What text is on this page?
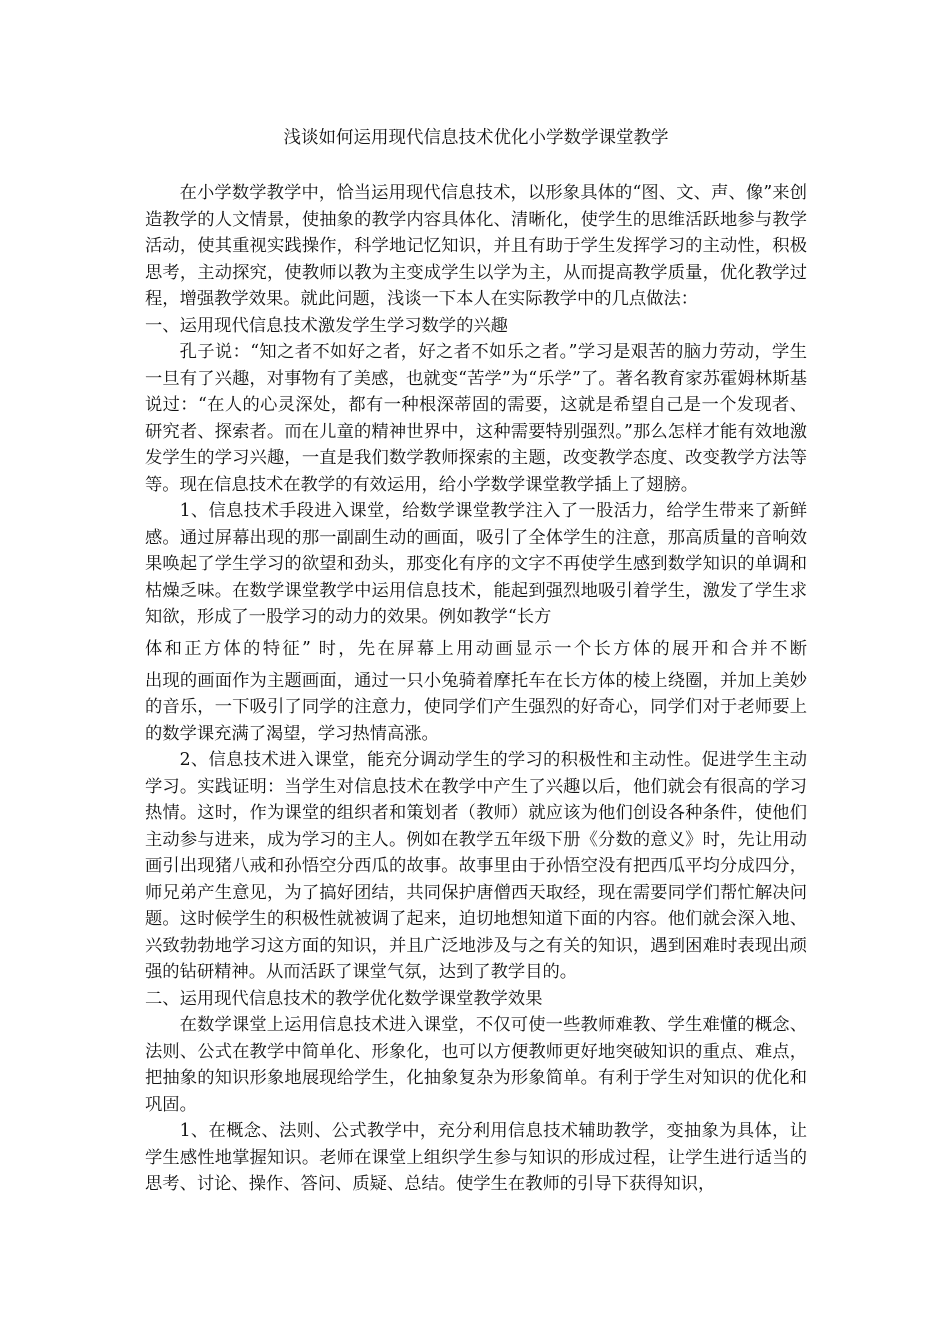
浅谈如何运用现代信息技术优化小学数学课堂教学

在小学数学教学中，恰当运用现代信息技术，以形象具体的“图、文、声、像”来创造教学的人文情景，使抽象的教学内容具体化、清晰化，使学生的思维活跃地参与教学活动，使其重视实践操作，科学地记忆知识，并且有助于学生发挥学习的主动性，积极思考，主动探究，使教师以教为主变成学生以学为主，从而提高教学质量，优化教学过程，增强教学效果。就此问题，浅谈一下本人在实际教学中的几点做法：

一、运用现代信息技术激发学生学习数学的兴趣

孔子说：“知之者不如好之者，好之者不如乐之者。”学习是艰苦的脑力劳动，学生一旦有了兴趣，对事物有了美感，也就变“苦学”为“乐学”了。著名教育家苏霍姆林斯基说过：“在人的心灵深处，都有一种根深蒂固的需要，这就是希望自己是一个发现者、研究者、探索者。而在儿童的精神世界中，这种需要特别强烈。”那么怎样才能有效地激发学生的学习兴趣，一直是我们数学教师探索的主题，改变教学态度、改变教学方法等等。现在信息技术在教学的有效运用，给小学数学课堂教学插上了翅膀。

1、信息技术手段进入课堂，给数学课堂教学注入了一股活力，给学生带来了新鲜感。通过屏幕出现的那一副副生动的画面，吸引了全体学生的注意，那高质量的音响效果唤起了学生学习的欲望和劲头，那变化有序的文字不再使学生感到数学知识的单调和枯燥乏味。在数学课堂教学中运用信息技术，能起到强烈地吸引着学生，激发了学生求知欲，形成了一股学习的动力的效果。例如教学“长方

体和正方体的特征” 时，先在屏幕上用动画显示一个长方体的展开和合并不断

出现的画面作为主题画面，通过一只小兔骑着摩托车在长方体的棱上绕圈，并加上美妙的音乐，一下吸引了同学的注意力，使同学们产生强烈的好奇心，同学们对于老师要上的数学课充满了渴望，学习热情高涨。

2、信息技术进入课堂，能充分调动学生的学习的积极性和主动性。促进学生主动学习。实践证明：当学生对信息技术在教学中产生了兴趣以后，他们就会有很高的学习热情。这时，作为课堂的组织者和策划者（教师）就应该为他们创设各种条件，使他们主动参与进来，成为学习的主人。例如在教学五年级下册《分数的意义》时，先让用动画引出现猪八戒和孙悟空分西瓜的故事。故事里由于孙悟空没有把西瓜平均分成四分，师兄弟产生意见，为了搞好团结，共同保护唐僧西天取经，现在需要同学们帮忙解决问题。这时候学生的积极性就被调了起来，迫切地想知道下面的内容。他们就会深入地、兴致勃勃地学习这方面的知识，并且广泛地涉及与之有关的知识，遇到困难时表现出顽强的钻研精神。从而活跃了课堂气氛，达到了教学目的。

二、运用现代信息技术的教学优化数学课堂教学效果

在数学课堂上运用信息技术进入课堂，不仅可使一些教师难教、学生难懂的概念、法则、公式在教学中简单化、形象化，也可以方便教师更好地突破知识的重点、难点，把抽象的知识形象地展现给学生，化抽象复杂为形象简单。有利于学生对知识的优化和巩固。

1、在概念、法则、公式教学中，充分利用信息技术辅助教学，变抽象为具体，让学生感性地掌握知识。老师在课堂上组织学生参与知识的形成过程，让学生进行适当的思考、讨论、操作、答问、质疑、总结。使学生在教师的引导下获得知识，
